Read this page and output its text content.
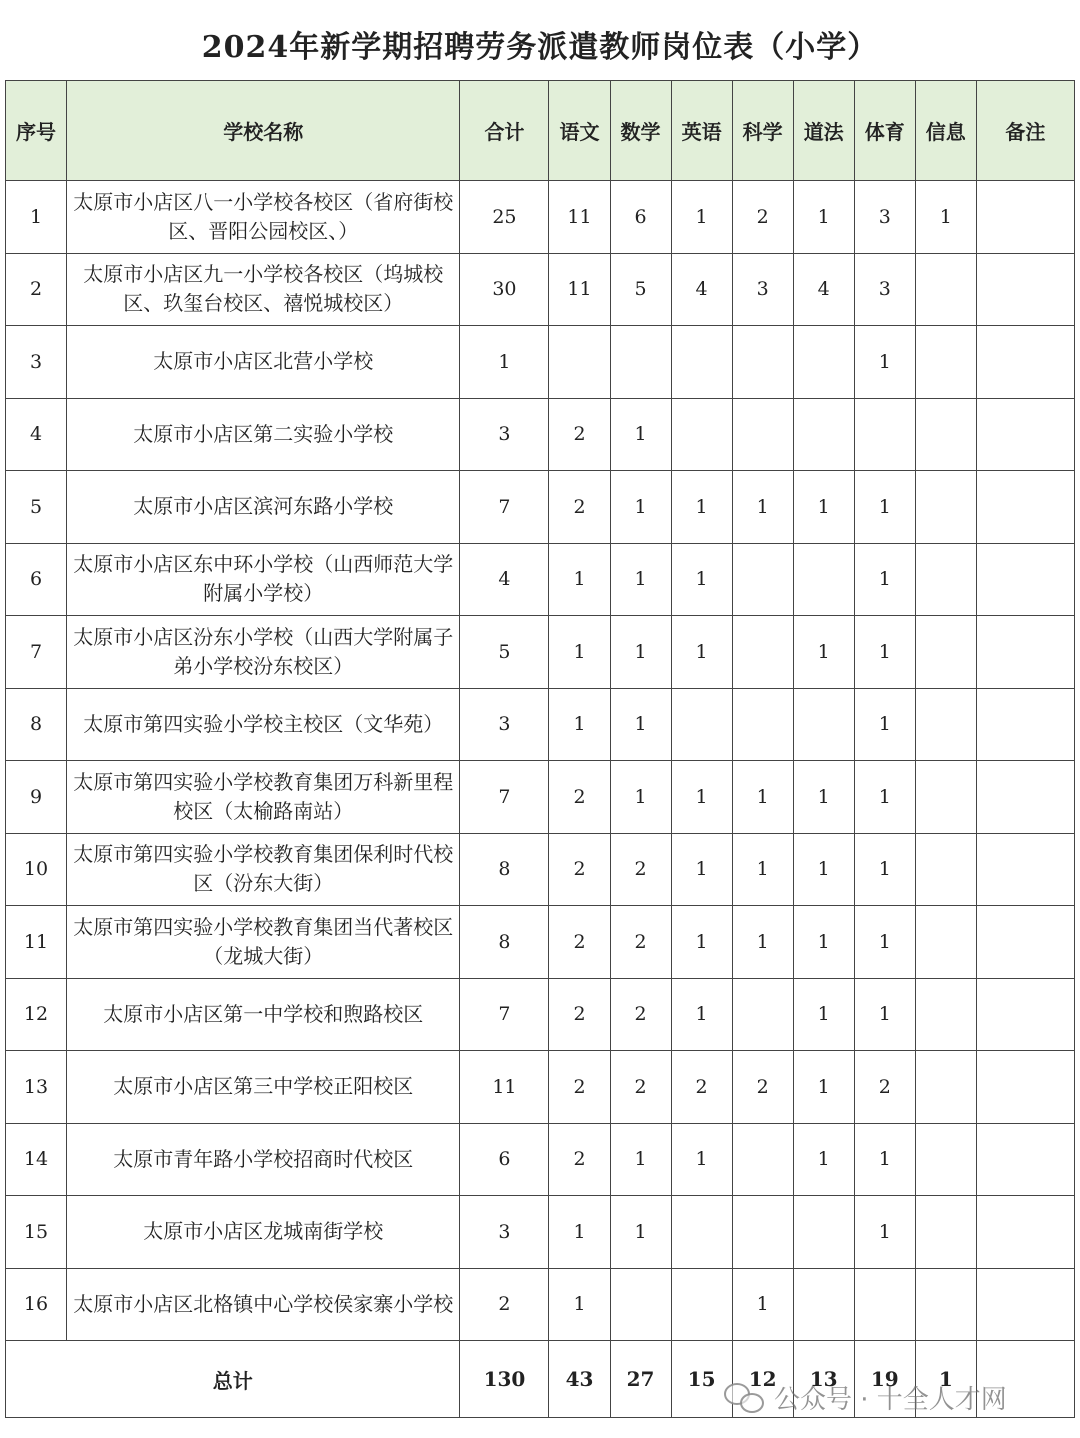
2024年新学期招聘劳务派遣教师岗位表（小学）
序号	学校名称	合计	语文	数学	英语	科学	道法	体育	信息	备注
1	太原市小店区八一小学校各校区（省府街校区、晋阳公园校区、）	25	11	6	1	2	1	3	1	
2	太原市小店区九一小学校各校区（坞城校区、玖玺台校区、禧悦城校区）	30	11	5	4	3	4	3		
3	太原市小店区北营小学校	1						1		
4	太原市小店区第二实验小学校	3	2	1						
5	太原市小店区滨河东路小学校	7	2	1	1	1	1	1		
6	太原市小店区东中环小学校（山西师范大学附属小学校）	4	1	1	1			1		
7	太原市小店区汾东小学校（山西大学附属子弟小学校汾东校区）	5	1	1	1		1	1		
8	太原市第四实验小学校主校区（文华苑）	3	1	1				1		
9	太原市第四实验小学校教育集团万科新里程校区（太榆路南站）	7	2	1	1	1	1	1		
10	太原市第四实验小学校教育集团保利时代校区（汾东大街）	8	2	2	1	1	1	1		
11	太原市第四实验小学校教育集团当代著校区（龙城大街）	8	2	2	1	1	1	1		
12	太原市小店区第一中学校和煦路校区	7	2	2	1		1	1		
13	太原市小店区第三中学校正阳校区	11	2	2	2	2	1	2		
14	太原市青年路小学校招商时代校区	6	2	1	1		1	1		
15	太原市小店区龙城南街学校	3	1	1				1		
16	太原市小店区北格镇中心学校侯家寨小学校	2	1			1				
总计		130	43	27	15	12	13	19	1	
公众号 · 十全人才网
